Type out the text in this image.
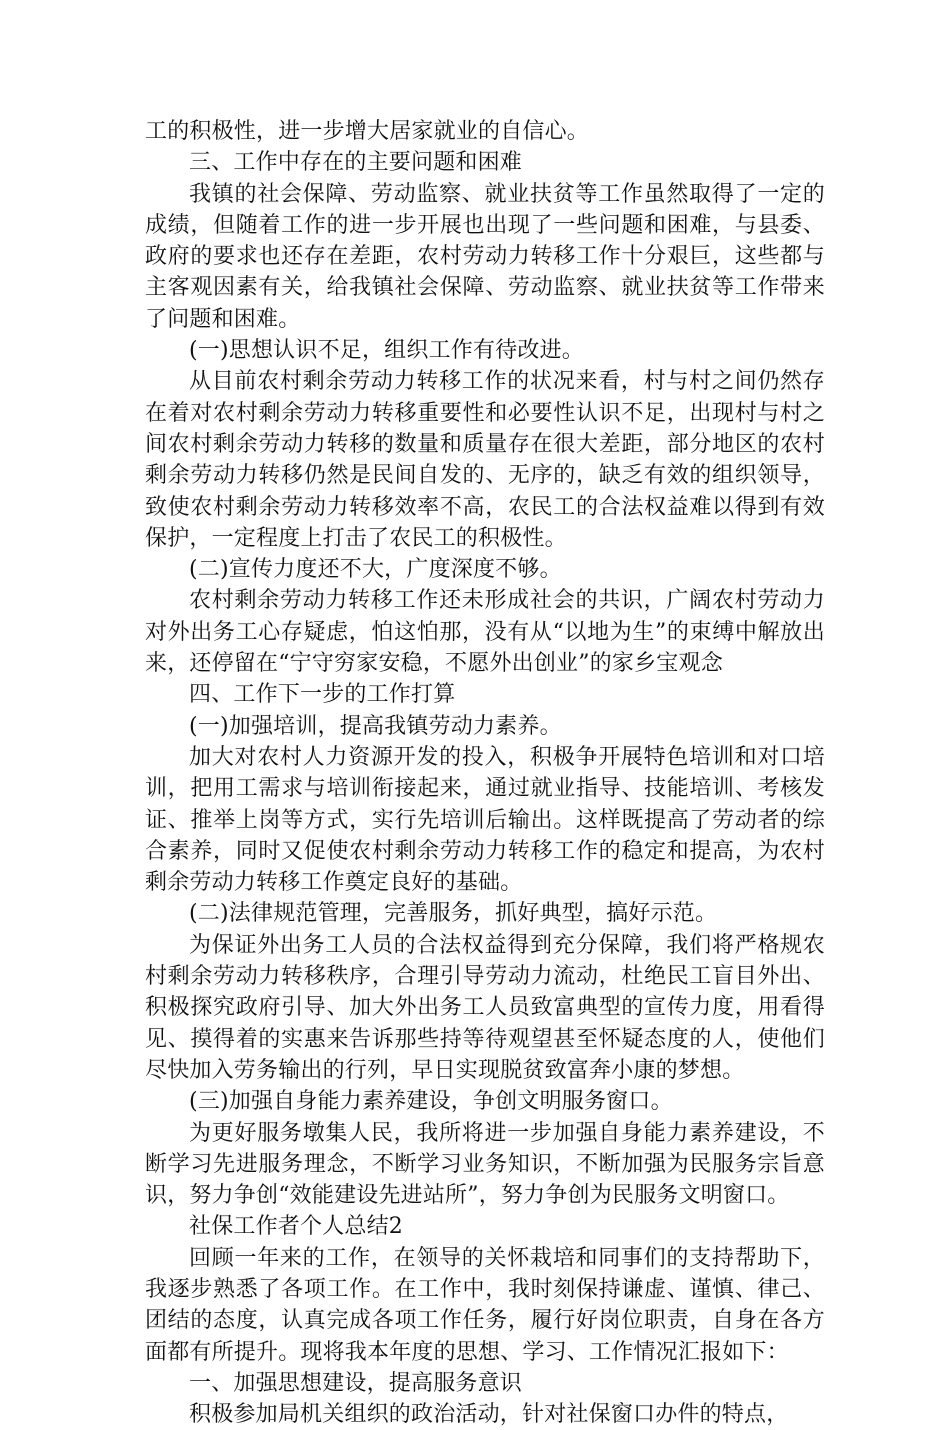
工的积极性，进一步增大居家就业的自信心。

三、工作中存在的主要问题和困难

我镇的社会保障、劳动监察、就业扶贫等工作虽然取得了一定的成绩，但随着工作的进一步开展也出现了一些问题和困难，与县委、政府的要求也还存在差距，农村劳动力转移工作十分艰巨，这些都与主客观因素有关，给我镇社会保障、劳动监察、就业扶贫等工作带来了问题和困难。

(一)思想认识不足，组织工作有待改进。

从目前农村剩余劳动力转移工作的状况来看，村与村之间仍然存在着对农村剩余劳动力转移重要性和必要性认识不足，出现村与村之间农村剩余劳动力转移的数量和质量存在很大差距，部分地区的农村剩余劳动力转移仍然是民间自发的、无序的，缺乏有效的组织领导，致使农村剩余劳动力转移效率不高，农民工的合法权益难以得到有效保护，一定程度上打击了农民工的积极性。

(二)宣传力度还不大，广度深度不够。

农村剩余劳动力转移工作还未形成社会的共识，广阔农村劳动力对外出务工心存疑虑，怕这怕那，没有从“以地为生”的束缚中解放出来，还停留在“宁守穷家安稳，不愿外出创业”的家乡宝观念

四、工作下一步的工作打算

(一)加强培训，提高我镇劳动力素养。

加大对农村人力资源开发的投入，积极争开展特色培训和对口培训，把用工需求与培训衔接起来，通过就业指导、技能培训、考核发证、推举上岗等方式，实行先培训后输出。这样既提高了劳动者的综合素养，同时又促使农村剩余劳动力转移工作的稳定和提高，为农村剩余劳动力转移工作奠定良好的基础。

(二)法律规范管理，完善服务，抓好典型，搞好示范。

为保证外出务工人员的合法权益得到充分保障，我们将严格规农村剩余劳动力转移秩序，合理引导劳动力流动，杜绝民工盲目外出、积极探究政府引导、加大外出务工人员致富典型的宣传力度，用看得见、摸得着的实惠来告诉那些持等待观望甚至怀疑态度的人，使他们尽快加入劳务输出的行列，早日实现脱贫致富奔小康的梦想。

(三)加强自身能力素养建设，争创文明服务窗口。

为更好服务墩集人民，我所将进一步加强自身能力素养建设，不断学习先进服务理念，不断学习业务知识，不断加强为民服务宗旨意识，努力争创“效能建设先进站所”，努力争创为民服务文明窗口。

社保工作者个人总结2

回顾一年来的工作，在领导的关怀栽培和同事们的支持帮助下，我逐步熟悉了各项工作。在工作中，我时刻保持谦虚、谨慎、律己、团结的态度，认真完成各项工作任务，履行好岗位职责，自身在各方面都有所提升。现将我本年度的思想、学习、工作情况汇报如下：

一、加强思想建设，提高服务意识

积极参加局机关组织的政治活动，针对社保窗口办件的特点，
